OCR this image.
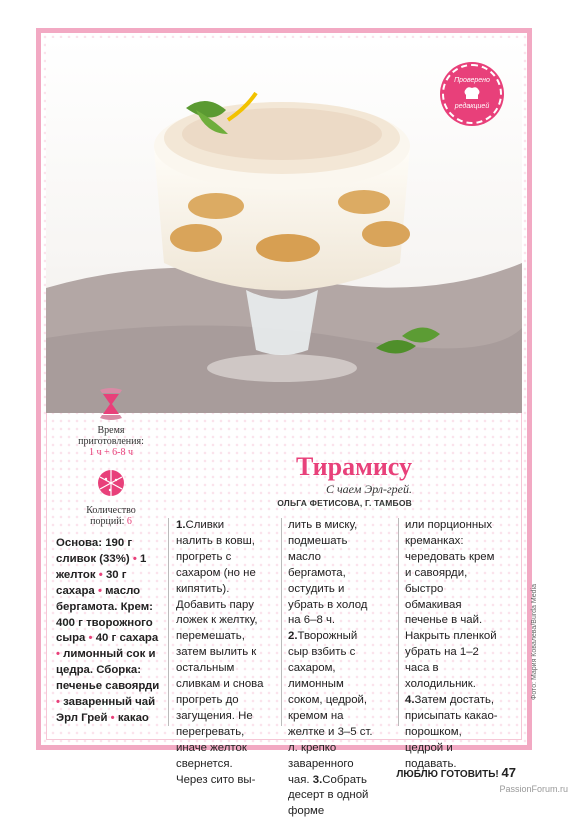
Проверено
редакцией
Время
приготовления:
1 ч + 6-8 ч
Количество
порций: 6
Тирамису
С чаем Эрл-грей.
ОЛЬГА ФЕТИСОВА, Г. ТАМБОВ
Основа: 190 г сливок (33%) • 1 желток • 30 г сахара • масло бергамота. Крем: 400 г творожного сыра • 40 г сахара • лимонный сок и цедра. Сборка: печенье савоярди • заваренный чай Эрл Грей • какао
1.Сливки налить в ковш, прогреть с сахаром (но не кипятить). Добавить пару ложек к желтку, перемешать, затем вылить к остальным сливкам и снова прогреть до загущения. Не перегревать, иначе желток свернется. Через сито вы-
лить в миску, подмешать масло бергамота, остудить и убрать в холод на 6–8 ч. 2.Творожный сыр взбить с сахаром, лимонным соком, цедрой, кремом на желтке и 3–5 ст. л. крепко заваренного чая. 3.Собрать десерт в одной форме
или порционных креманках: чередовать крем и савоярди, быстро обмакивая печенье в чай. Накрыть пленкой убрать на 1–2 часа в холодильник. 4.Затем достать, присыпать какао-порошком, цедрой и подавать.
ЛЮБЛЮ ГОТОВИТЬ! 47
Фото: Мария Ковалева/Burda Media
PassionForum.ru
